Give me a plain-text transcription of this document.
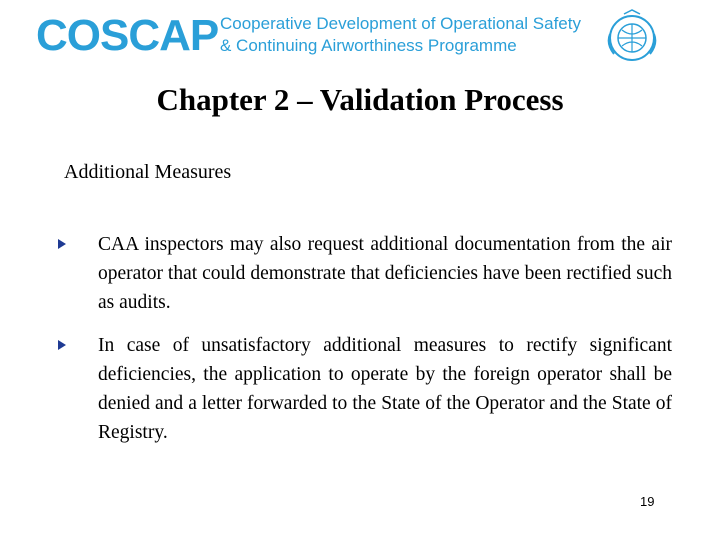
COSCAP Cooperative Development of Operational Safety
& Continuing Airworthiness Programme
Chapter 2 – Validation Process
Additional Measures
CAA inspectors may also request additional documentation from the air operator that could demonstrate that deficiencies have been rectified such as audits.
In case of unsatisfactory additional measures to rectify significant deficiencies, the application to operate by the foreign operator shall be denied and a letter forwarded to the State of the Operator and the State of Registry.
19
